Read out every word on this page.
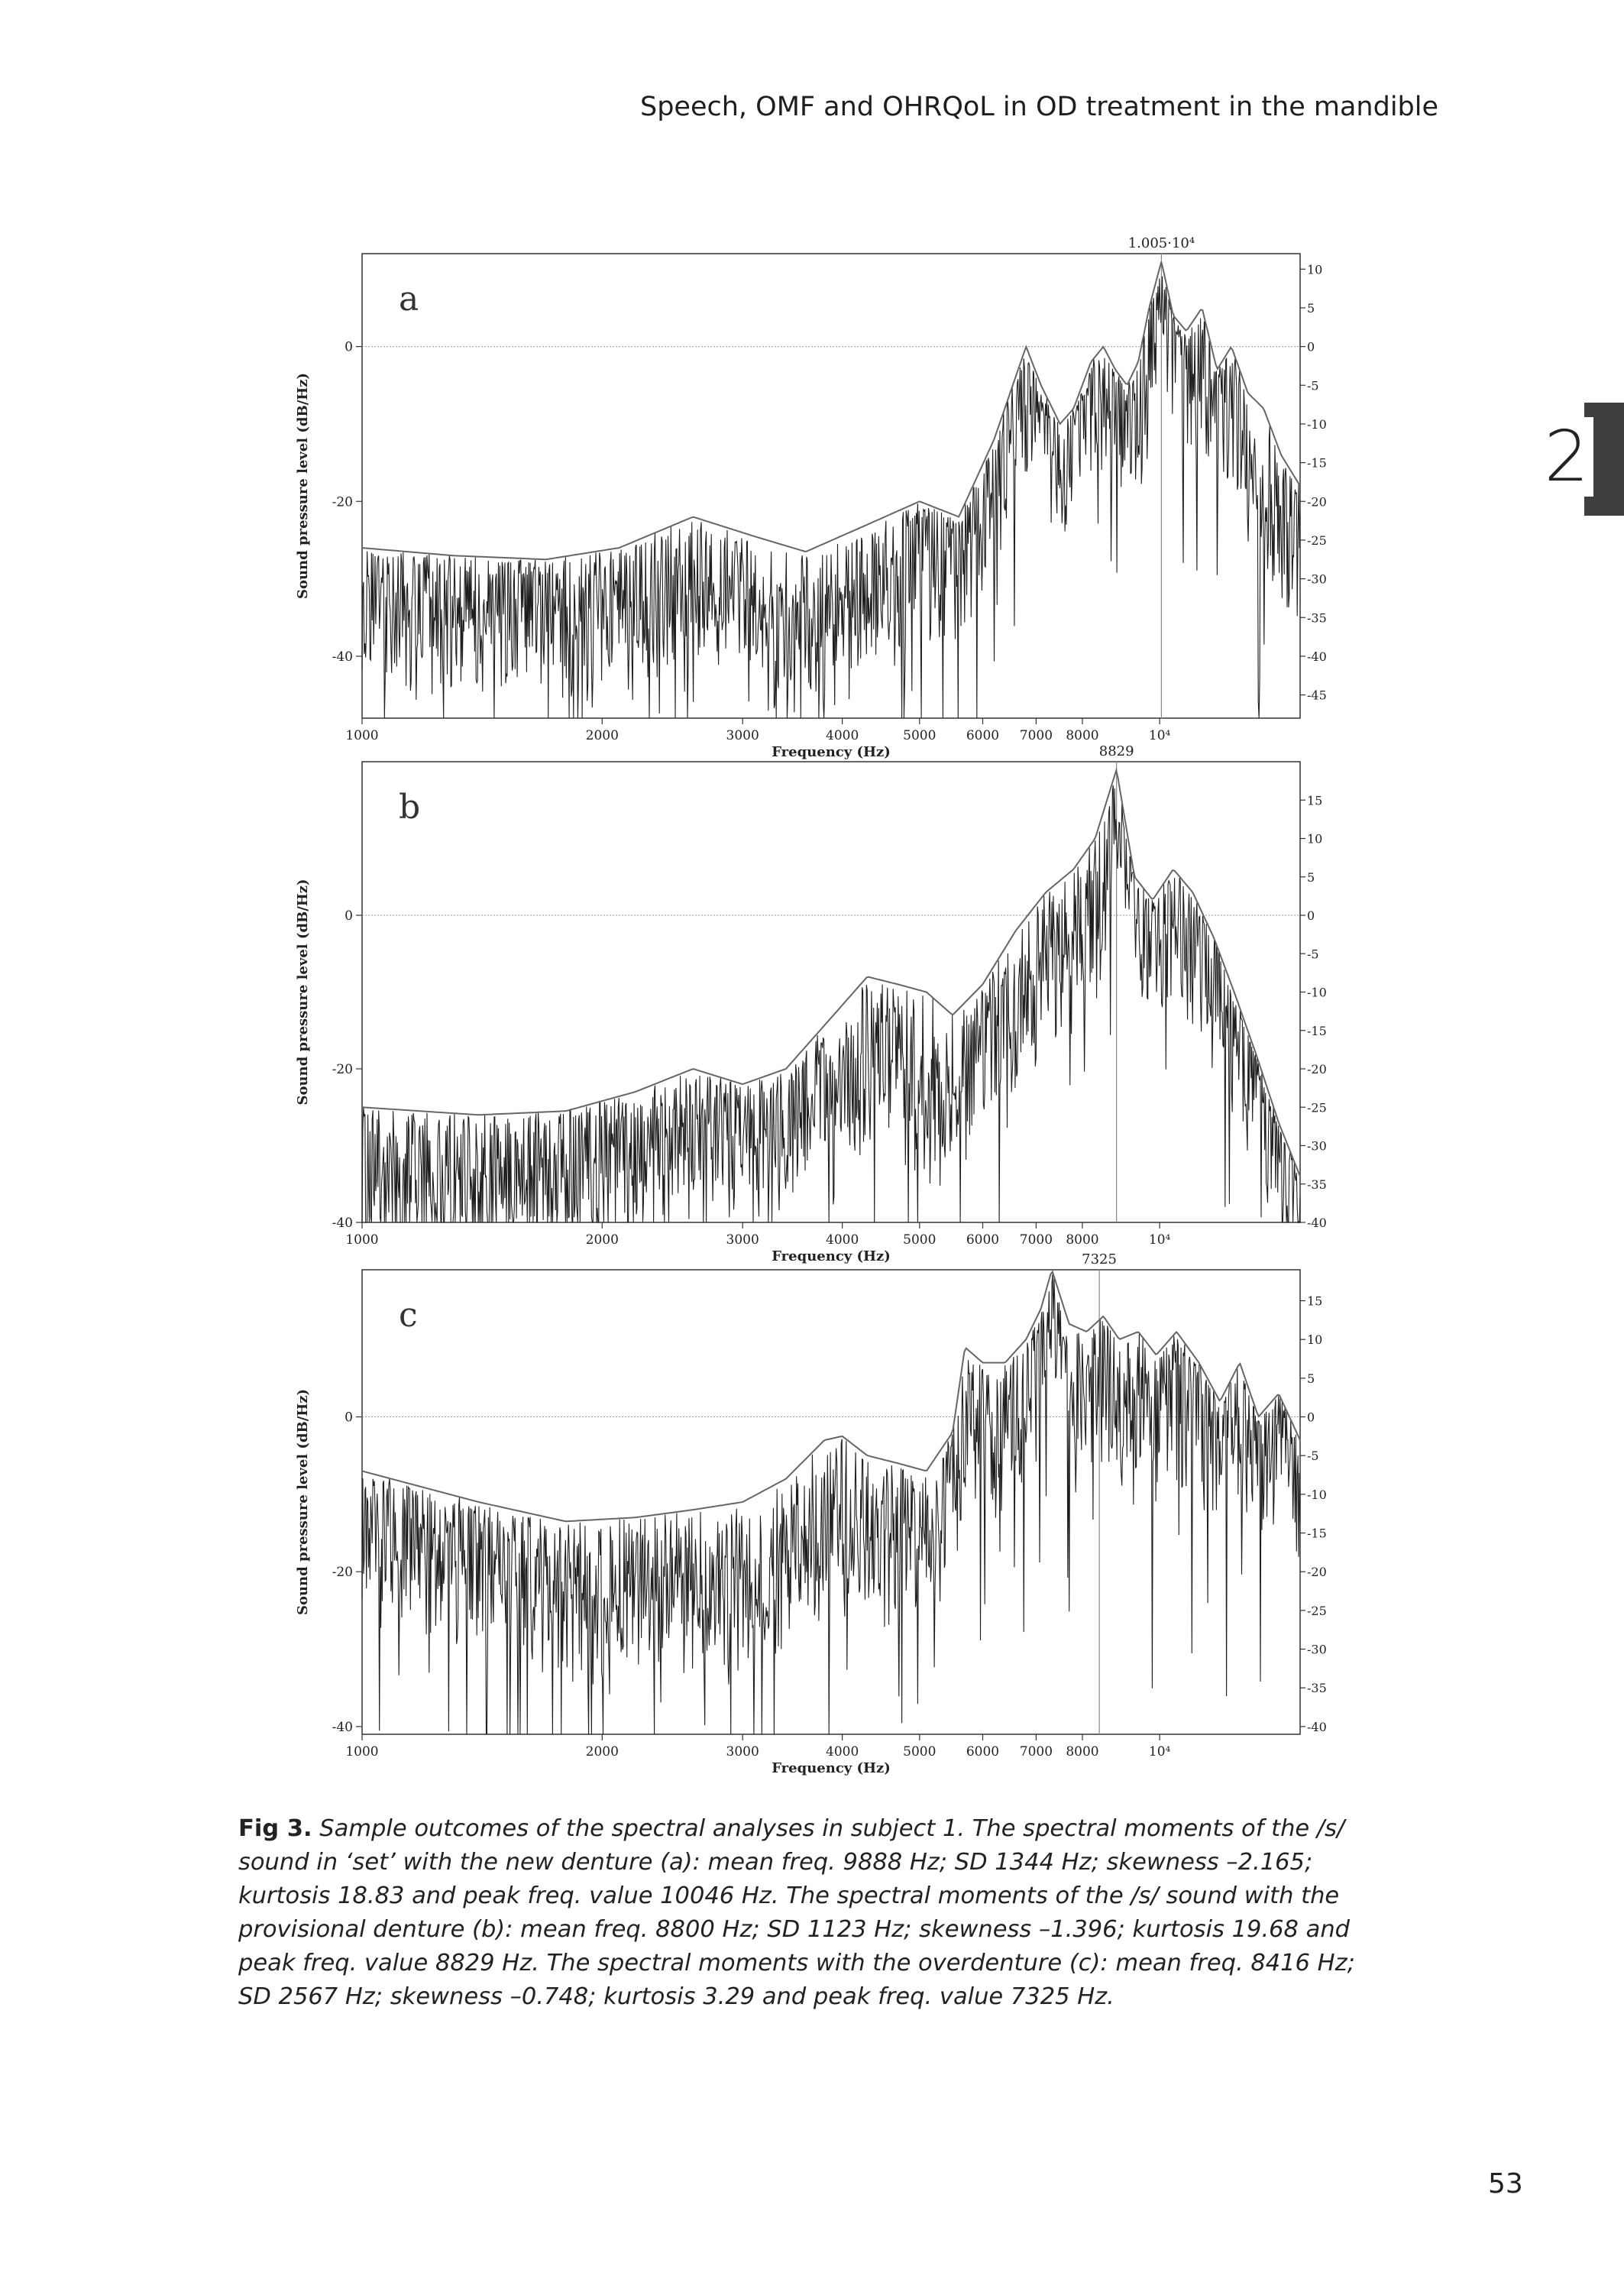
Speech, OMF and OHRQoL in OD treatment in the mandible
2
1.005·10⁴
a
0
-20
-40
10
5
0
-5
-10
-15
-20
-25
-30
-35
-40
-45
1000	2000	3000	4000	5000 6000 7000 8000	10⁴
Frequency (Hz)
Sound pressure level (dB/Hz)
8829
b
0
-20
-40
15
10
5
0
-5
-10
-15
-20
-25
-30
-35
-40
1000	2000	3000	4000	5000 6000 7000 8000	10⁴
Frequency (Hz)
Sound pressure level (dB/Hz)
7325
c
0
-20
-40
15
10
5
0
-5
-10
-15
-20
-25
-30
-35
-40
1000	2000	3000	4000	5000 6000 7000 8000	10⁴
Frequency (Hz)
Sound pressure level (dB/Hz)
Fig 3. Sample outcomes of the spectral analyses in subject 1. The spectral moments of the /s/ sound in ‘set’ with the new denture (a): mean freq. 9888 Hz; SD 1344 Hz; skewness –2.165; kurtosis 18.83 and peak freq. value 10046 Hz. The spectral moments of the /s/ sound with the provisional denture (b): mean freq. 8800 Hz; SD 1123 Hz; skewness –1.396; kurtosis 19.68 and peak freq. value 8829 Hz. The spectral moments with the overdenture (c): mean freq. 8416 Hz; SD 2567 Hz; skewness –0.748; kurtosis 3.29 and peak freq. value 7325 Hz.
53
